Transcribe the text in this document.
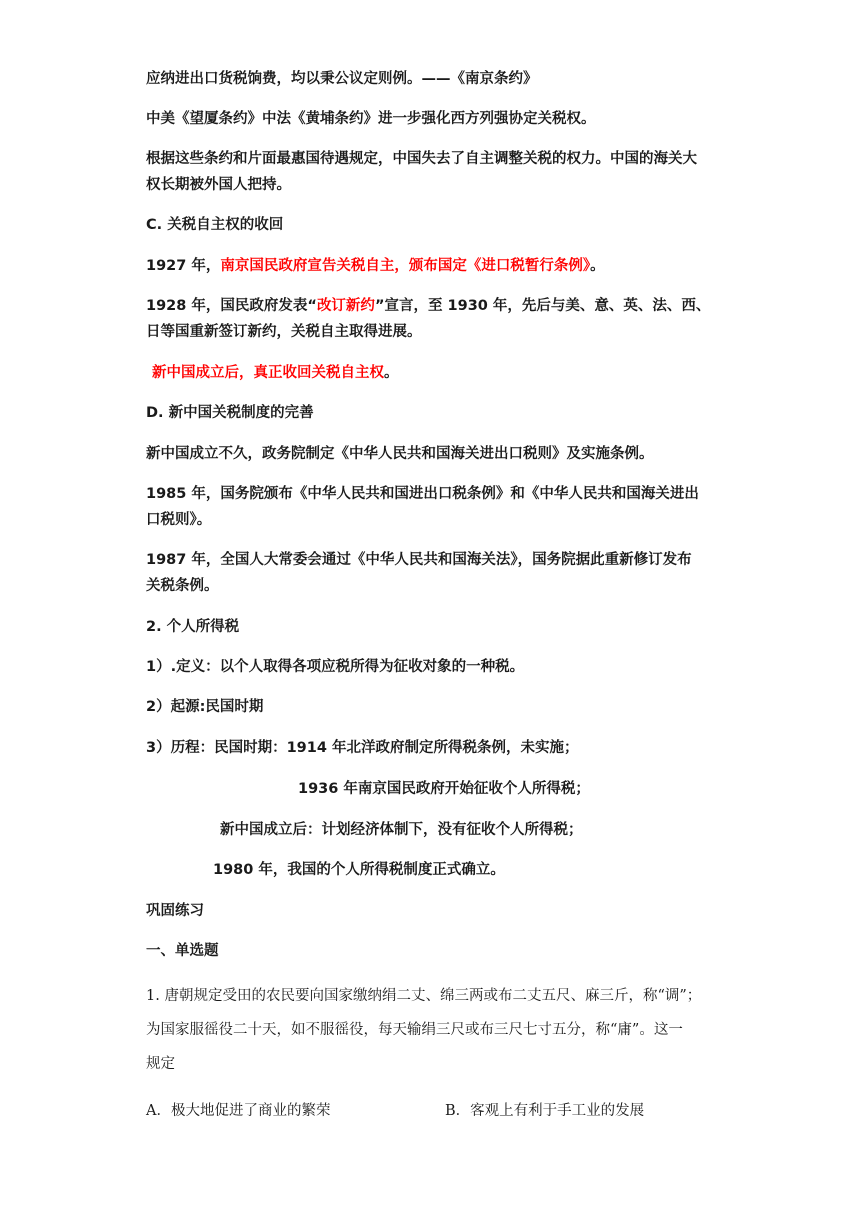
应纳进出口货税饷费，均以秉公议定则例。——《南京条约》
中美《望厦条约》中法《黄埔条约》进一步强化西方列强协定关税权。
根据这些条约和片面最惠国待遇规定，中国失去了自主调整关税的权力。中国的海关大
权长期被外国人把持。
C. 关税自主权的收回
1927 年，南京国民政府宣告关税自主，颁布国定《进口税暂行条例》。
1928 年，国民政府发表“改订新约”宣言，至 1930 年，先后与美、意、英、法、西、
日等国重新签订新约，关税自主取得进展。
新中国成立后，真正收回关税自主权。
D. 新中国关税制度的完善
新中国成立不久，政务院制定《中华人民共和国海关进出口税则》及实施条例。
1985 年，国务院颁布《中华人民共和国进出口税条例》和《中华人民共和国海关进出
口税则》。
1987 年，全国人大常委会通过《中华人民共和国海关法》，国务院据此重新修订发布
关税条例。
2. 个人所得税
1）.定义：以个人取得各项应税所得为征收对象的一种税。
2）起源:民国时期
3）历程：民国时期：1914 年北洋政府制定所得税条例，未实施；
1936 年南京国民政府开始征收个人所得税；
新中国成立后：计划经济体制下，没有征收个人所得税；
1980 年，我国的个人所得税制度正式确立。
巩固练习
一、单选题
1. 唐朝规定受田的农民要向国家缴纳绢二丈、绵三两或布二丈五尺、麻三斤，称“调”；
为国家服徭役二十天，如不服徭役，每天输绢三尺或布三尺七寸五分，称“庸”。这一
规定
A．极大地促进了商业的繁荣	B．客观上有利于手工业的发展
